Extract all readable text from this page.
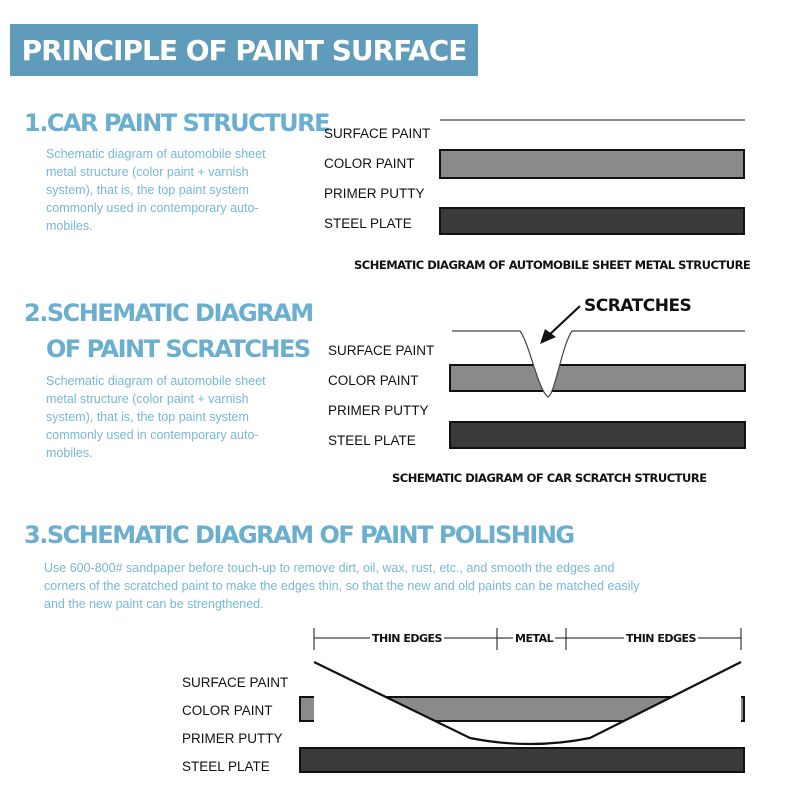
PRINCIPLE OF PAINT SURFACE
1.CAR PAINT STRUCTURE
Schematic diagram of automobile sheet
metal structure (color paint + varnish
system), that is, the top paint system
commonly used in contemporary auto-
mobiles.
SURFACE PAINT
COLOR PAINT
PRIMER PUTTY
STEEL PLATE
SCHEMATIC DIAGRAM OF AUTOMOBILE SHEET METAL STRUCTURE
2.SCHEMATIC DIAGRAM
OF PAINT SCRATCHES
Schematic diagram of automobile sheet
metal structure (color paint + varnish
system), that is, the top paint system
commonly used in contemporary auto-
mobiles.
SURFACE PAINT
COLOR PAINT
PRIMER PUTTY
STEEL PLATE
SCRATCHES
SCHEMATIC DIAGRAM OF CAR SCRATCH STRUCTURE
3.SCHEMATIC DIAGRAM OF PAINT POLISHING
Use 600-800# sandpaper before touch-up to remove dirt, oil, wax, rust, etc., and smooth the edges and
corners of the scratched paint to make the edges thin, so that the new and old paints can be matched easily
and the new paint can be strengthened.
THIN EDGES	METAL	THIN EDGES
SURFACE PAINT
COLOR PAINT
PRIMER PUTTY
STEEL PLATE
